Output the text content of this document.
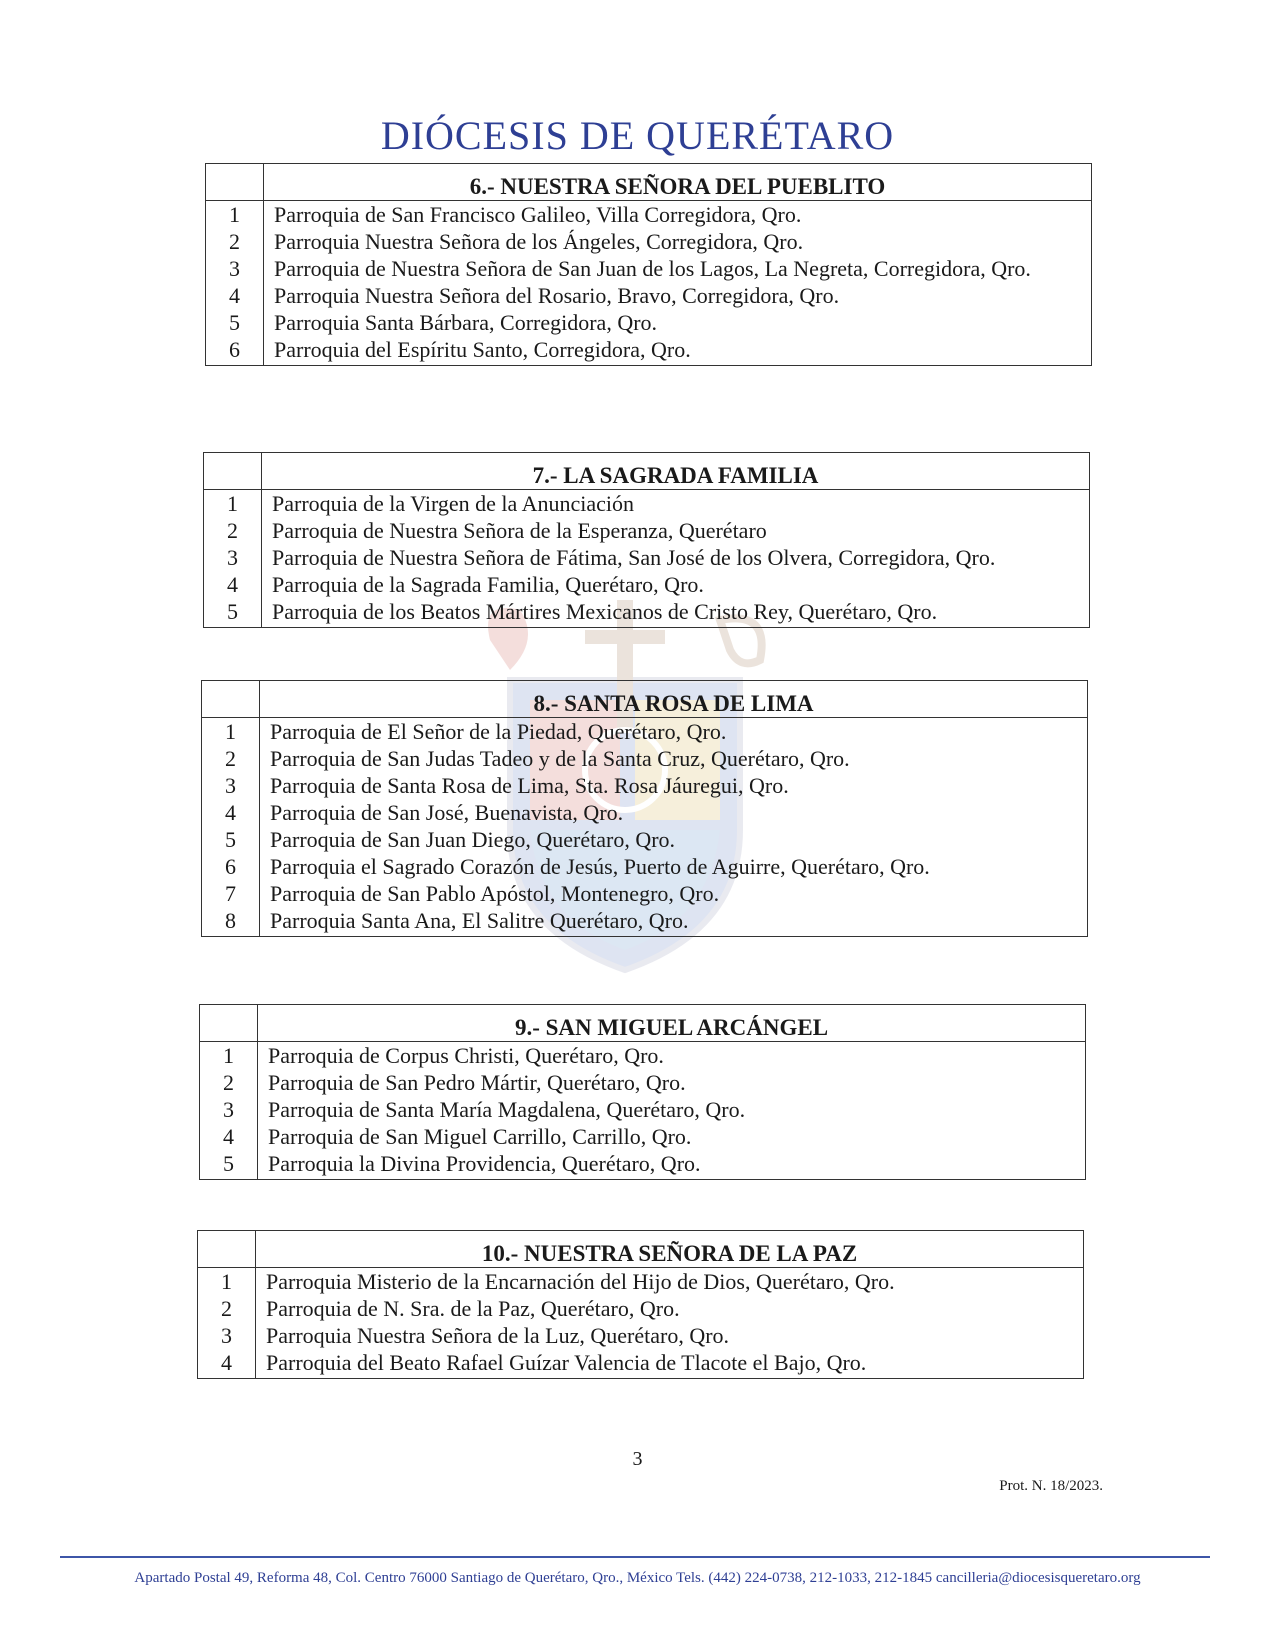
DIÓCESIS DE QUERÉTARO
	6.- NUESTRA SEÑORA DEL PUEBLITO
1	Parroquia de San Francisco Galileo, Villa Corregidora, Qro.
2	Parroquia Nuestra Señora de los Ángeles, Corregidora, Qro.
3	Parroquia de Nuestra Señora de San Juan de los Lagos, La Negreta, Corregidora, Qro.
4	Parroquia Nuestra Señora del Rosario, Bravo, Corregidora, Qro.
5	Parroquia Santa Bárbara, Corregidora, Qro.
6	Parroquia del Espíritu Santo, Corregidora, Qro.
	7.- LA SAGRADA FAMILIA
1	Parroquia de la Virgen de la Anunciación
2	Parroquia de Nuestra Señora de la Esperanza, Querétaro
3	Parroquia de Nuestra Señora de Fátima, San José de los Olvera, Corregidora, Qro.
4	Parroquia de la Sagrada Familia, Querétaro, Qro.
5	Parroquia de los Beatos Mártires Mexicanos de Cristo Rey, Querétaro, Qro.
	8.- SANTA ROSA DE LIMA
1	Parroquia de El Señor de la Piedad, Querétaro, Qro.
2	Parroquia de San Judas Tadeo y de la Santa Cruz, Querétaro, Qro.
3	Parroquia de Santa Rosa de Lima, Sta. Rosa Jáuregui, Qro.
4	Parroquia de San José, Buenavista, Qro.
5	Parroquia de San Juan Diego, Querétaro, Qro.
6	Parroquia el Sagrado Corazón de Jesús, Puerto de Aguirre, Querétaro, Qro.
7	Parroquia de San Pablo Apóstol, Montenegro, Qro.
8	Parroquia Santa Ana, El Salitre Querétaro, Qro.
	9.- SAN MIGUEL ARCÁNGEL
1	Parroquia de Corpus Christi, Querétaro, Qro.
2	Parroquia de San Pedro Mártir, Querétaro, Qro.
3	Parroquia de Santa María Magdalena, Querétaro, Qro.
4	Parroquia de San Miguel Carrillo, Carrillo, Qro.
5	Parroquia la Divina Providencia, Querétaro, Qro.
	10.- NUESTRA SEÑORA DE LA PAZ
1	Parroquia Misterio de la Encarnación del Hijo de Dios, Querétaro, Qro.
2	Parroquia de N. Sra. de la Paz, Querétaro, Qro.
3	Parroquia Nuestra Señora de la Luz, Querétaro, Qro.
4	Parroquia del Beato Rafael Guízar Valencia de Tlacote el Bajo, Qro.
3
Prot. N. 18/2023.
Apartado Postal 49, Reforma 48, Col. Centro 76000 Santiago de Querétaro, Qro., México Tels. (442) 224-0738, 212-1033, 212-1845 cancilleria@diocesisqueretaro.org
